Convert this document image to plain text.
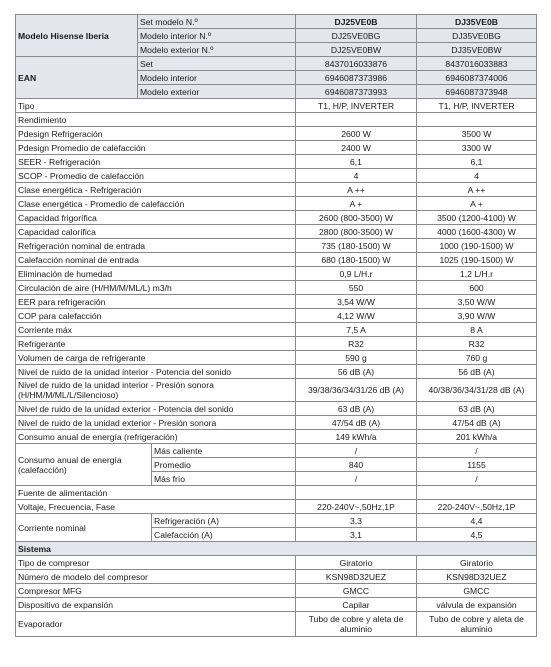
Modelo Hisense Iberia	Set modelo N.º		DJ25VE0B	DJ35VE0B
	Modelo interior N.º		DJ25VE0BG	DJ35VE0BG
	Modelo exterior N.º		DJ25VE0BW	DJ35VE0BW
EAN	Set		8437016033876	8437016033883
	Modelo interior		6946087373986	6946087374006
	Modelo exterior		6946087373993	6946087373948
Tipo			T1, H/P, INVERTER	T1, H/P, INVERTER
Rendimiento				
Pdesign Refrigeración			2600 W	3500 W
Pdesign Promedio de calefacción			2400 W	3300 W
SEER - Refrigeración			6,1	6,1
SCOP - Promedio de calefacción			4	4
Clase energética - Refrigeración			A ++	A ++
Clase energética - Promedio de calefacción			A +	A +
Capacidad frigorífica			2600 (800-3500) W	3500 (1200-4100) W
Capacidad calorífica			2800 (800-3500) W	4000 (1600-4300) W
Refrigeración nominal de entrada			735 (180-1500) W	1000 (190-1500) W
Calefacción nominal de entrada			680 (180-1500) W	1025 (190-1500) W
Eliminación de humedad			0,9 L/H.r	1,2 L/H.r
Circulación de aire (H/HM/M/ML/L) m3/h			550	600
EER para refrigeración			3,54 W/W	3,50 W/W
COP para calefacción			4,12 W/W	3,90 W/W
Corriente máx			7,5 A	8 A
Refrigerante			R32	R32
Volumen de carga de refrigerante			590 g	760 g
Nivel de ruido de la unidad interior - Potencia del sonido			56 dB (A)	56 dB (A)
Nivel de ruido de la unidad interior - Presión sonora (H/HM/M/ML/L/Silencioso)			39/38/36/34/31/26 dB (A)	40/38/36/34/31/28 dB (A)
Nivel de ruido de la unidad exterior - Potencia del sonido			63 dB (A)	63 dB (A)
Nivel de ruido de la unidad exterior - Presión sonora			47/54 dB (A)	47/54 dB (A)
Consumo anual de energía (refrigeración)			149 kWh/a	201 kWh/a
Consumo anual de energía (calefacción)		Más caliente	/	/
		Promedio	840	1155
		Más frío	/	/
Fuente de alimentación				
Voltaje, Frecuencia, Fase			220-240V~,50Hz,1P	220-240V~,50Hz,1P
Corriente nominal		Refrigeración (A)	3,3	4,4
		Calefacción (A)	3,1	4,5
Sistema				
Tipo de compresor			Giratorio	Giratorio
Número de modelo del compresor			KSN98D32UEZ	KSN98D32UEZ
Compresor MFG			GMCC	GMCC
Dispositivo de expansión			Capilar	válvula de expansión
Evaporador			Tubo de cobre y aleta de aluminio	Tubo de cobre y aleta de aluminio
